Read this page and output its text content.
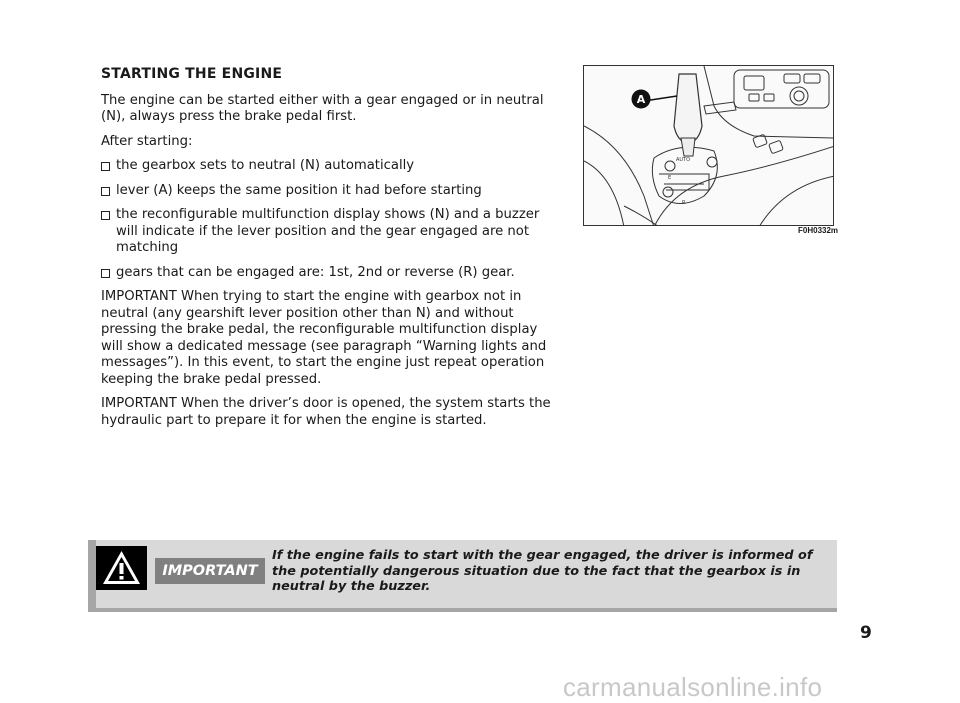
STARTING THE ENGINE

The engine can be started either with a gear engaged or in neutral (N), always press the brake pedal first.

After starting:

the gearbox sets to neutral (N) automatically
lever (A) keeps the same position it had before starting
the reconfigurable multifunction display shows (N) and a buzzer will indicate if the lever position and the gear engaged are not matching
gears that can be engaged are: 1st, 2nd or reverse (R) gear.

IMPORTANT When trying to start the engine with gearbox not in neutral (any gearshift lever position other than N) and without pressing the brake pedal, the reconfigurable multifunction display will show a dedicated message (see paragraph “Warning lights and messages”). In this event, to start the engine just repeat operation keeping the brake pedal pressed.

IMPORTANT When the driver’s door is opened, the system starts the hydraulic part to prepare it for when the engine is started.

AUTO
E
R
A
F0H0332m
IMPORTANT
If the engine fails to start with the gear engaged, the driver is informed of the potentially dangerous situation due to the fact that the gearbox is in neutral by the buzzer.
9
carmanualsonline.info
